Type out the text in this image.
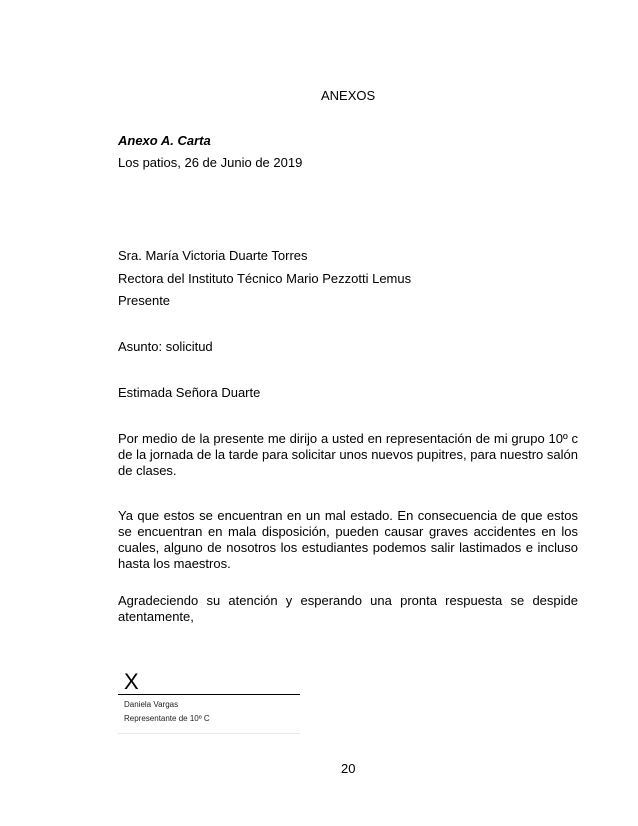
ANEXOS
Anexo A. Carta
Los patios, 26 de Junio de 2019
Sra. María Victoria Duarte Torres
Rectora del Instituto Técnico Mario Pezzotti Lemus
Presente
Asunto: solicitud
Estimada Señora Duarte
Por medio de la presente me dirijo a usted en representación de mi grupo 10º c de la jornada de la tarde para solicitar unos nuevos pupitres, para nuestro salón de clases.
Ya que estos se encuentran en un mal estado. En consecuencia de que estos se encuentran en mala disposición, pueden causar graves accidentes en los cuales, alguno de nosotros los estudiantes podemos salir lastimados e incluso hasta los maestros.
Agradeciendo su atención y esperando una pronta respuesta se despide atentamente,
X
Daniela Vargas
Representante de 10º C
20
